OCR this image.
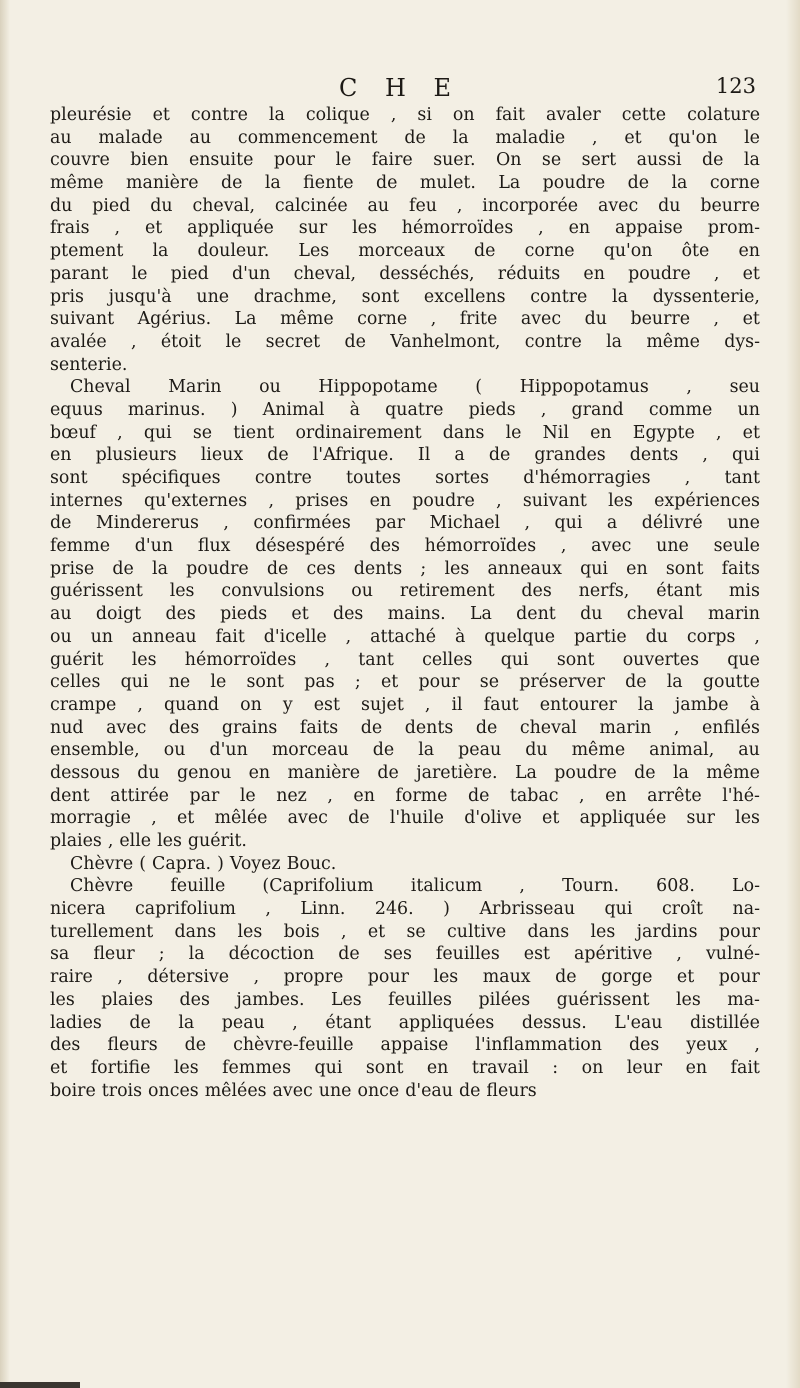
C H E	123
pleurésie et contre la colique , si on fait avaler cette colature
au malade au commencement de la maladie , et qu'on le
couvre bien ensuite pour le faire suer. On se sert aussi de la
même manière de la fiente de mulet. La poudre de la corne
du pied du cheval, calcinée au feu , incorporée avec du beurre
frais , et appliquée sur les hémorroïdes , en appaise prom-
ptement la douleur. Les morceaux de corne qu'on ôte en
parant le pied d'un cheval, desséchés, réduits en poudre , et
pris jusqu'à une drachme, sont excellens contre la dyssenterie,
suivant Agérius. La même corne , frite avec du beurre , et
avalée , étoit le secret de Vanhelmont, contre la même dys-
senterie.
Cheval Marin ou Hippopotame ( Hippopotamus , seu
equus marinus. ) Animal à quatre pieds , grand comme un
bœuf , qui se tient ordinairement dans le Nil en Egypte , et
en plusieurs lieux de l'Afrique. Il a de grandes dents , qui
sont spécifiques contre toutes sortes d'hémorragies , tant
internes qu'externes , prises en poudre , suivant les expériences
de Mindererus , confirmées par Michael , qui a délivré une
femme d'un flux désespéré des hémorroïdes , avec une seule
prise de la poudre de ces dents ; les anneaux qui en sont faits
guérissent les convulsions ou retirement des nerfs, étant mis
au doigt des pieds et des mains. La dent du cheval marin
ou un anneau fait d'icelle , attaché à quelque partie du corps ,
guérit les hémorroïdes , tant celles qui sont ouvertes que
celles qui ne le sont pas ; et pour se préserver de la goutte
crampe , quand on y est sujet , il faut entourer la jambe à
nud avec des grains faits de dents de cheval marin , enfilés
ensemble, ou d'un morceau de la peau du même animal, au
dessous du genou en manière de jaretière. La poudre de la même
dent attirée par le nez , en forme de tabac , en arrête l'hé-
morragie , et mêlée avec de l'huile d'olive et appliquée sur les
plaies , elle les guérit.
Chèvre ( Capra. ) Voyez Bouc.
Chèvre feuille (Caprifolium italicum , Tourn. 608. Lo-
nicera caprifolium , Linn. 246. ) Arbrisseau qui croît na-
turellement dans les bois , et se cultive dans les jardins pour
sa fleur ; la décoction de ses feuilles est apéritive , vulné-
raire , détersive , propre pour les maux de gorge et pour
les plaies des jambes. Les feuilles pilées guérissent les ma-
ladies de la peau , étant appliquées dessus. L'eau distillée
des fleurs de chèvre-feuille appaise l'inflammation des yeux ,
et fortifie les femmes qui sont en travail : on leur en fait
boire trois onces mêlées avec une once d'eau de fleurs
